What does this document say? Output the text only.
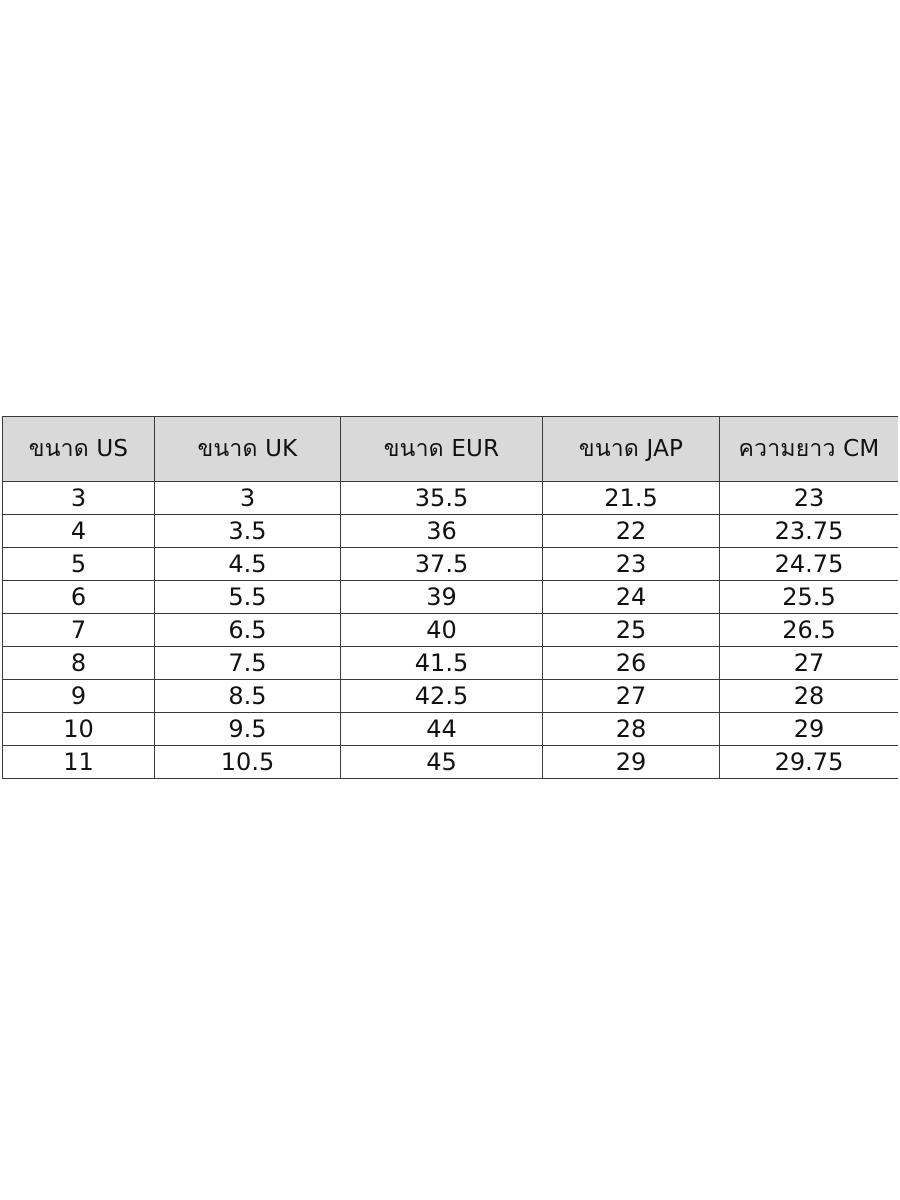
ขนาด US	ขนาด UK	ขนาด EUR	ขนาด JAP	ความยาว CM
3	3	35.5	21.5	23
4	3.5	36	22	23.75
5	4.5	37.5	23	24.75
6	5.5	39	24	25.5
7	6.5	40	25	26.5
8	7.5	41.5	26	27
9	8.5	42.5	27	28
10	9.5	44	28	29
11	10.5	45	29	29.75
